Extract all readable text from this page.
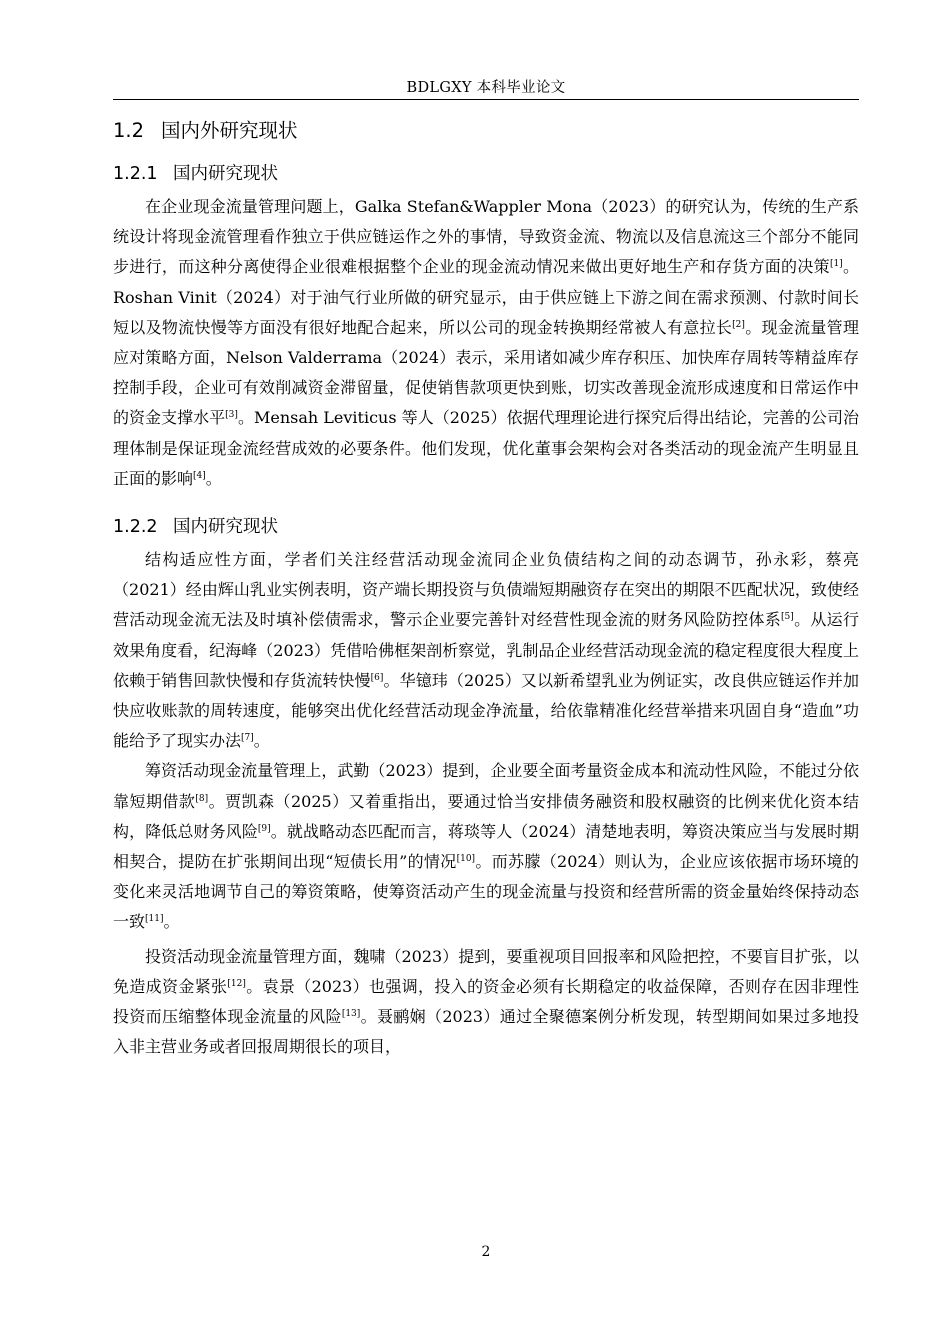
BDLGXY 本科毕业论文
1.2 国内外研究现状
1.2.1 国内研究现状

在企业现金流量管理问题上，Galka Stefan&Wappler Mona（2023）的研究认为，传统的生产系统设计将现金流管理看作独立于供应链运作之外的事情，导致资金流、物流以及信息流这三个部分不能同步进行，而这种分离使得企业很难根据整个企业的现金流动情况来做出更好地生产和存货方面的决策[1]。Roshan Vinit（2024）对于油气行业所做的研究显示，由于供应链上下游之间在需求预测、付款时间长短以及物流快慢等方面没有很好地配合起来，所以公司的现金转换期经常被人有意拉长[2]。现金流量管理应对策略方面，Nelson Valderrama（2024）表示，采用诸如减少库存积压、加快库存周转等精益库存控制手段，企业可有效削减资金滞留量，促使销售款项更快到账，切实改善现金流形成速度和日常运作中的资金支撑水平[3]。Mensah Leviticus 等人（2025）依据代理理论进行探究后得出结论，完善的公司治理体制是保证现金流经营成效的必要条件。他们发现，优化董事会架构会对各类活动的现金流产生明显且正面的影响[4]。

1.2.2 国内研究现状

结构适应性方面，学者们关注经营活动现金流同企业负债结构之间的动态调节，孙永彩，蔡亮（2021）经由辉山乳业实例表明，资产端长期投资与负债端短期融资存在突出的期限不匹配状况，致使经营活动现金流无法及时填补偿债需求，警示企业要完善针对经营性现金流的财务风险防控体系[5]。从运行效果角度看，纪海峰（2023）凭借哈佛框架剖析察觉，乳制品企业经营活动现金流的稳定程度很大程度上依赖于销售回款快慢和存货流转快慢[6]。华镱玮（2025）又以新希望乳业为例证实，改良供应链运作并加快应收账款的周转速度，能够突出优化经营活动现金净流量，给依靠精准化经营举措来巩固自身“造血”功能给予了现实办法[7]。

筹资活动现金流量管理上，武勤（2023）提到，企业要全面考量资金成本和流动性风险，不能过分依靠短期借款[8]。贾凯森（2025）又着重指出，要通过恰当安排债务融资和股权融资的比例来优化资本结构，降低总财务风险[9]。就战略动态匹配而言，蒋琰等人（2024）清楚地表明，筹资决策应当与发展时期相契合，提防在扩张期间出现“短债长用”的情况[10]。而苏朦（2024）则认为，企业应该依据市场环境的变化来灵活地调节自己的筹资策略，使筹资活动产生的现金流量与投资和经营所需的资金量始终保持动态一致[11]。

投资活动现金流量管理方面，魏啸（2023）提到，要重视项目回报率和风险把控，不要盲目扩张，以免造成资金紧张[12]。袁景（2023）也强调，投入的资金必须有长期稳定的收益保障，否则存在因非理性投资而压缩整体现金流量的风险[13]。聂鹂娴（2023）通过全聚德案例分析发现，转型期间如果过多地投入非主营业务或者回报周期很长的项目，

2
